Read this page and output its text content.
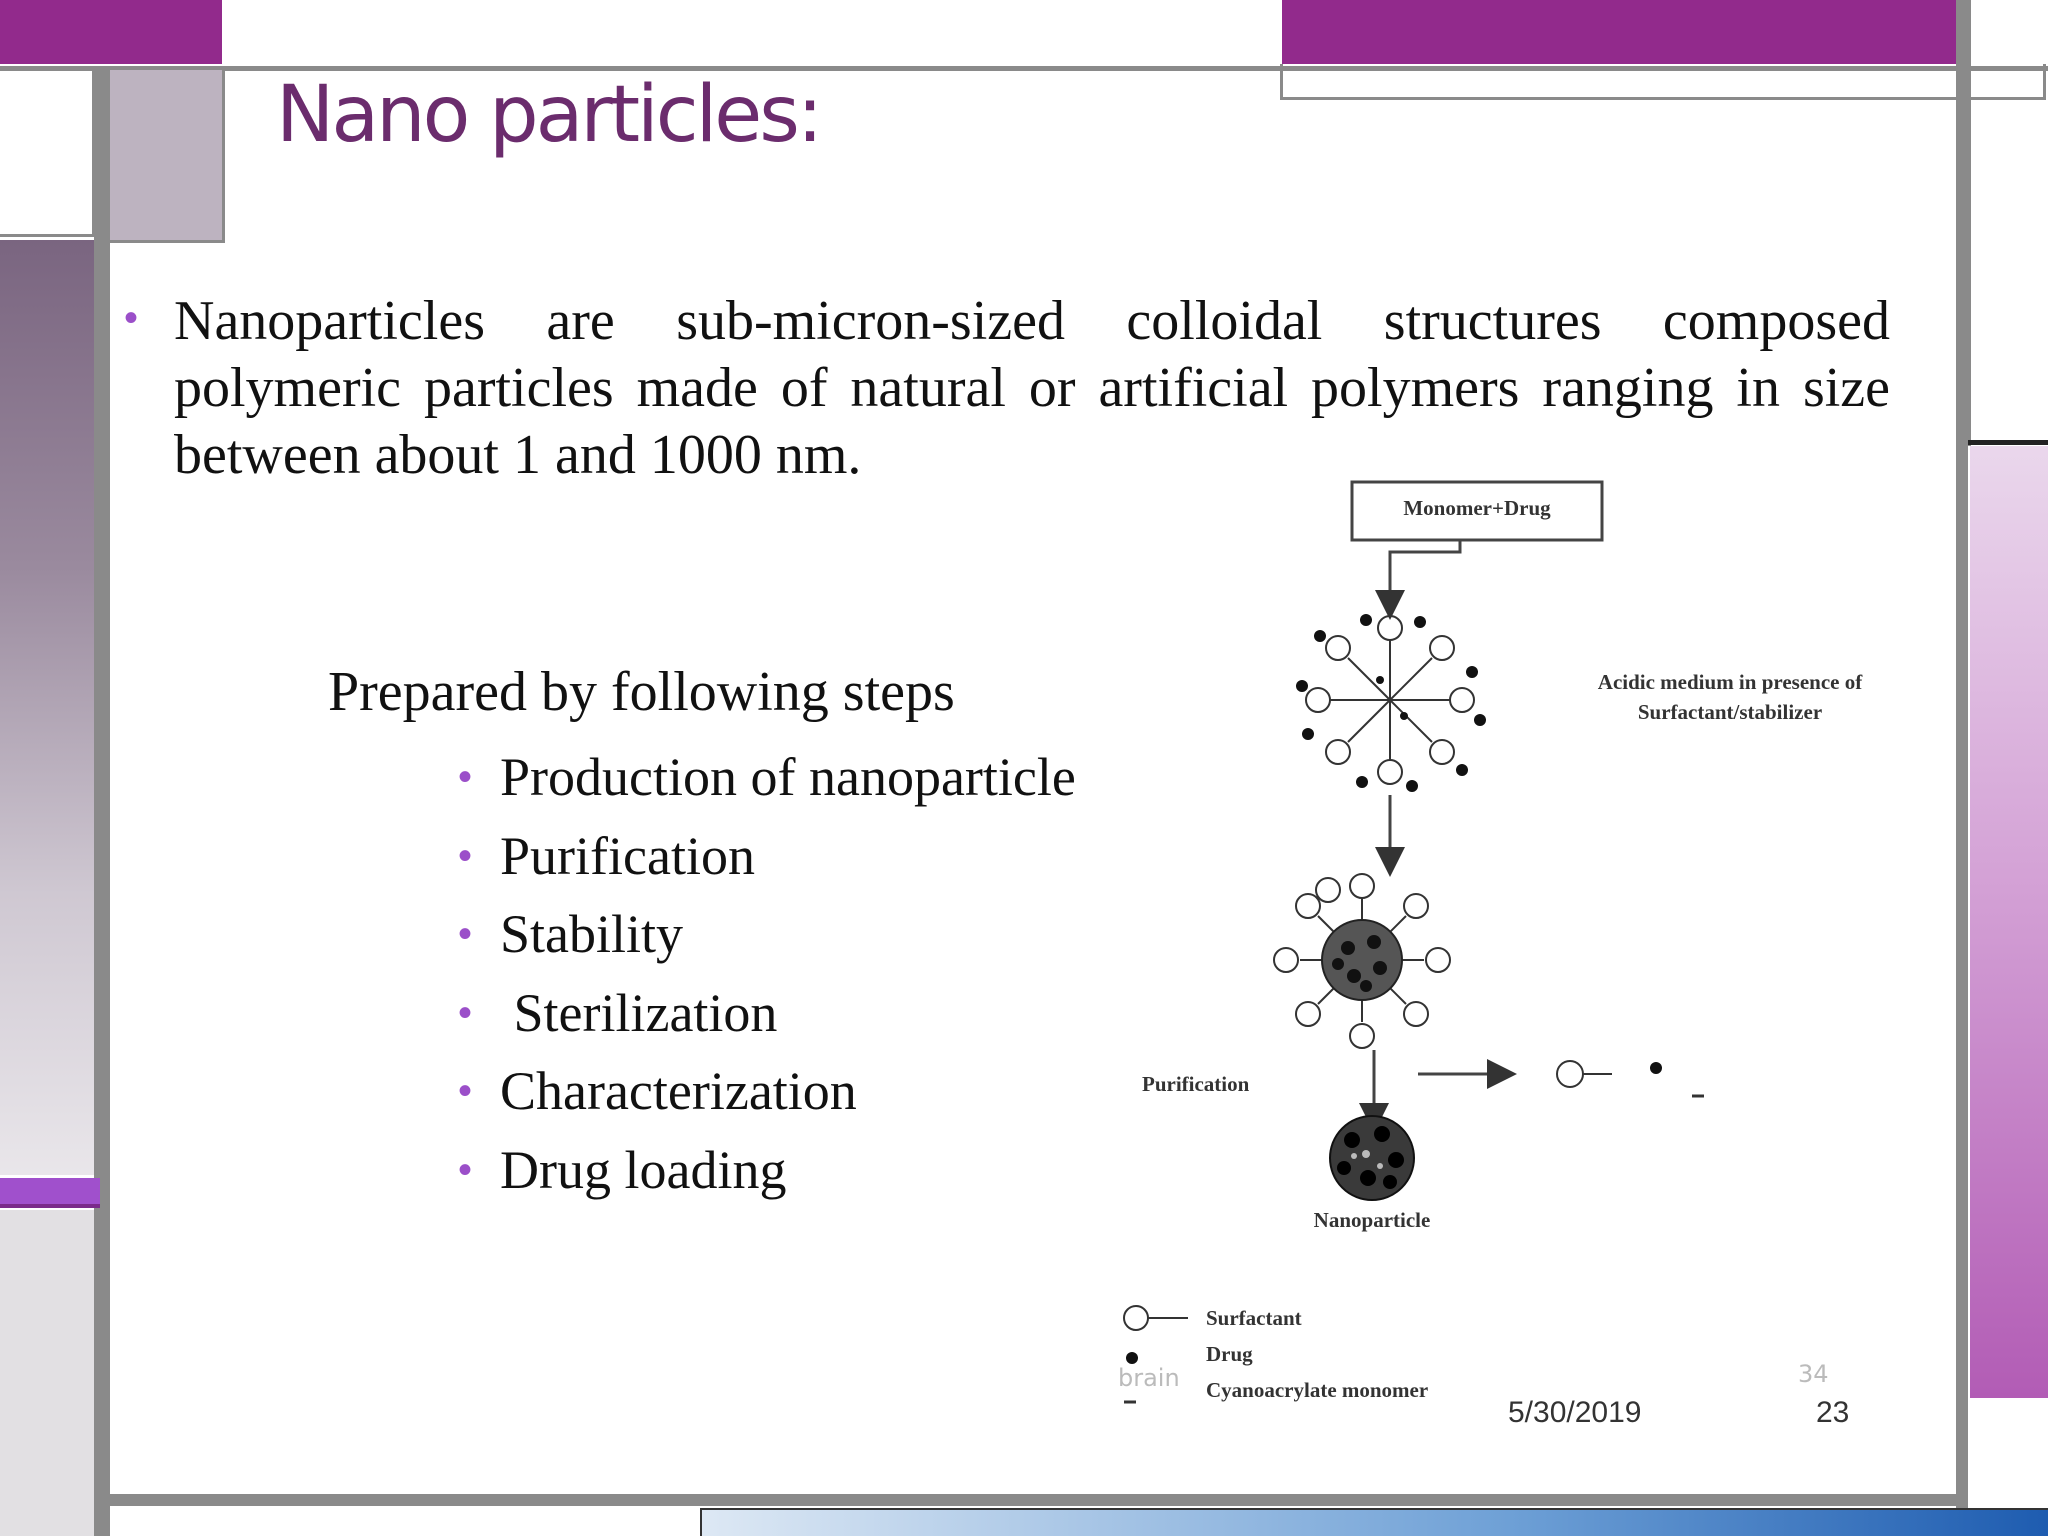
Nano particles:
• Nanoparticles are sub-micron-sized colloidal structures composed polymeric particles made of natural or artificial polymers ranging in size between about 1 and 1000 nm.

Prepared by following steps
• Production of nanoparticle
• Purification
• Stability
• Sterilization
• Characterization
• Drug loading
Monomer+Drug
Acidic medium in presence of
Surfactant/stabilizer
Purification
Nanoparticle
Surfactant
Drug
Cyanoacrylate monomer
brain	34
5/30/2019	23
